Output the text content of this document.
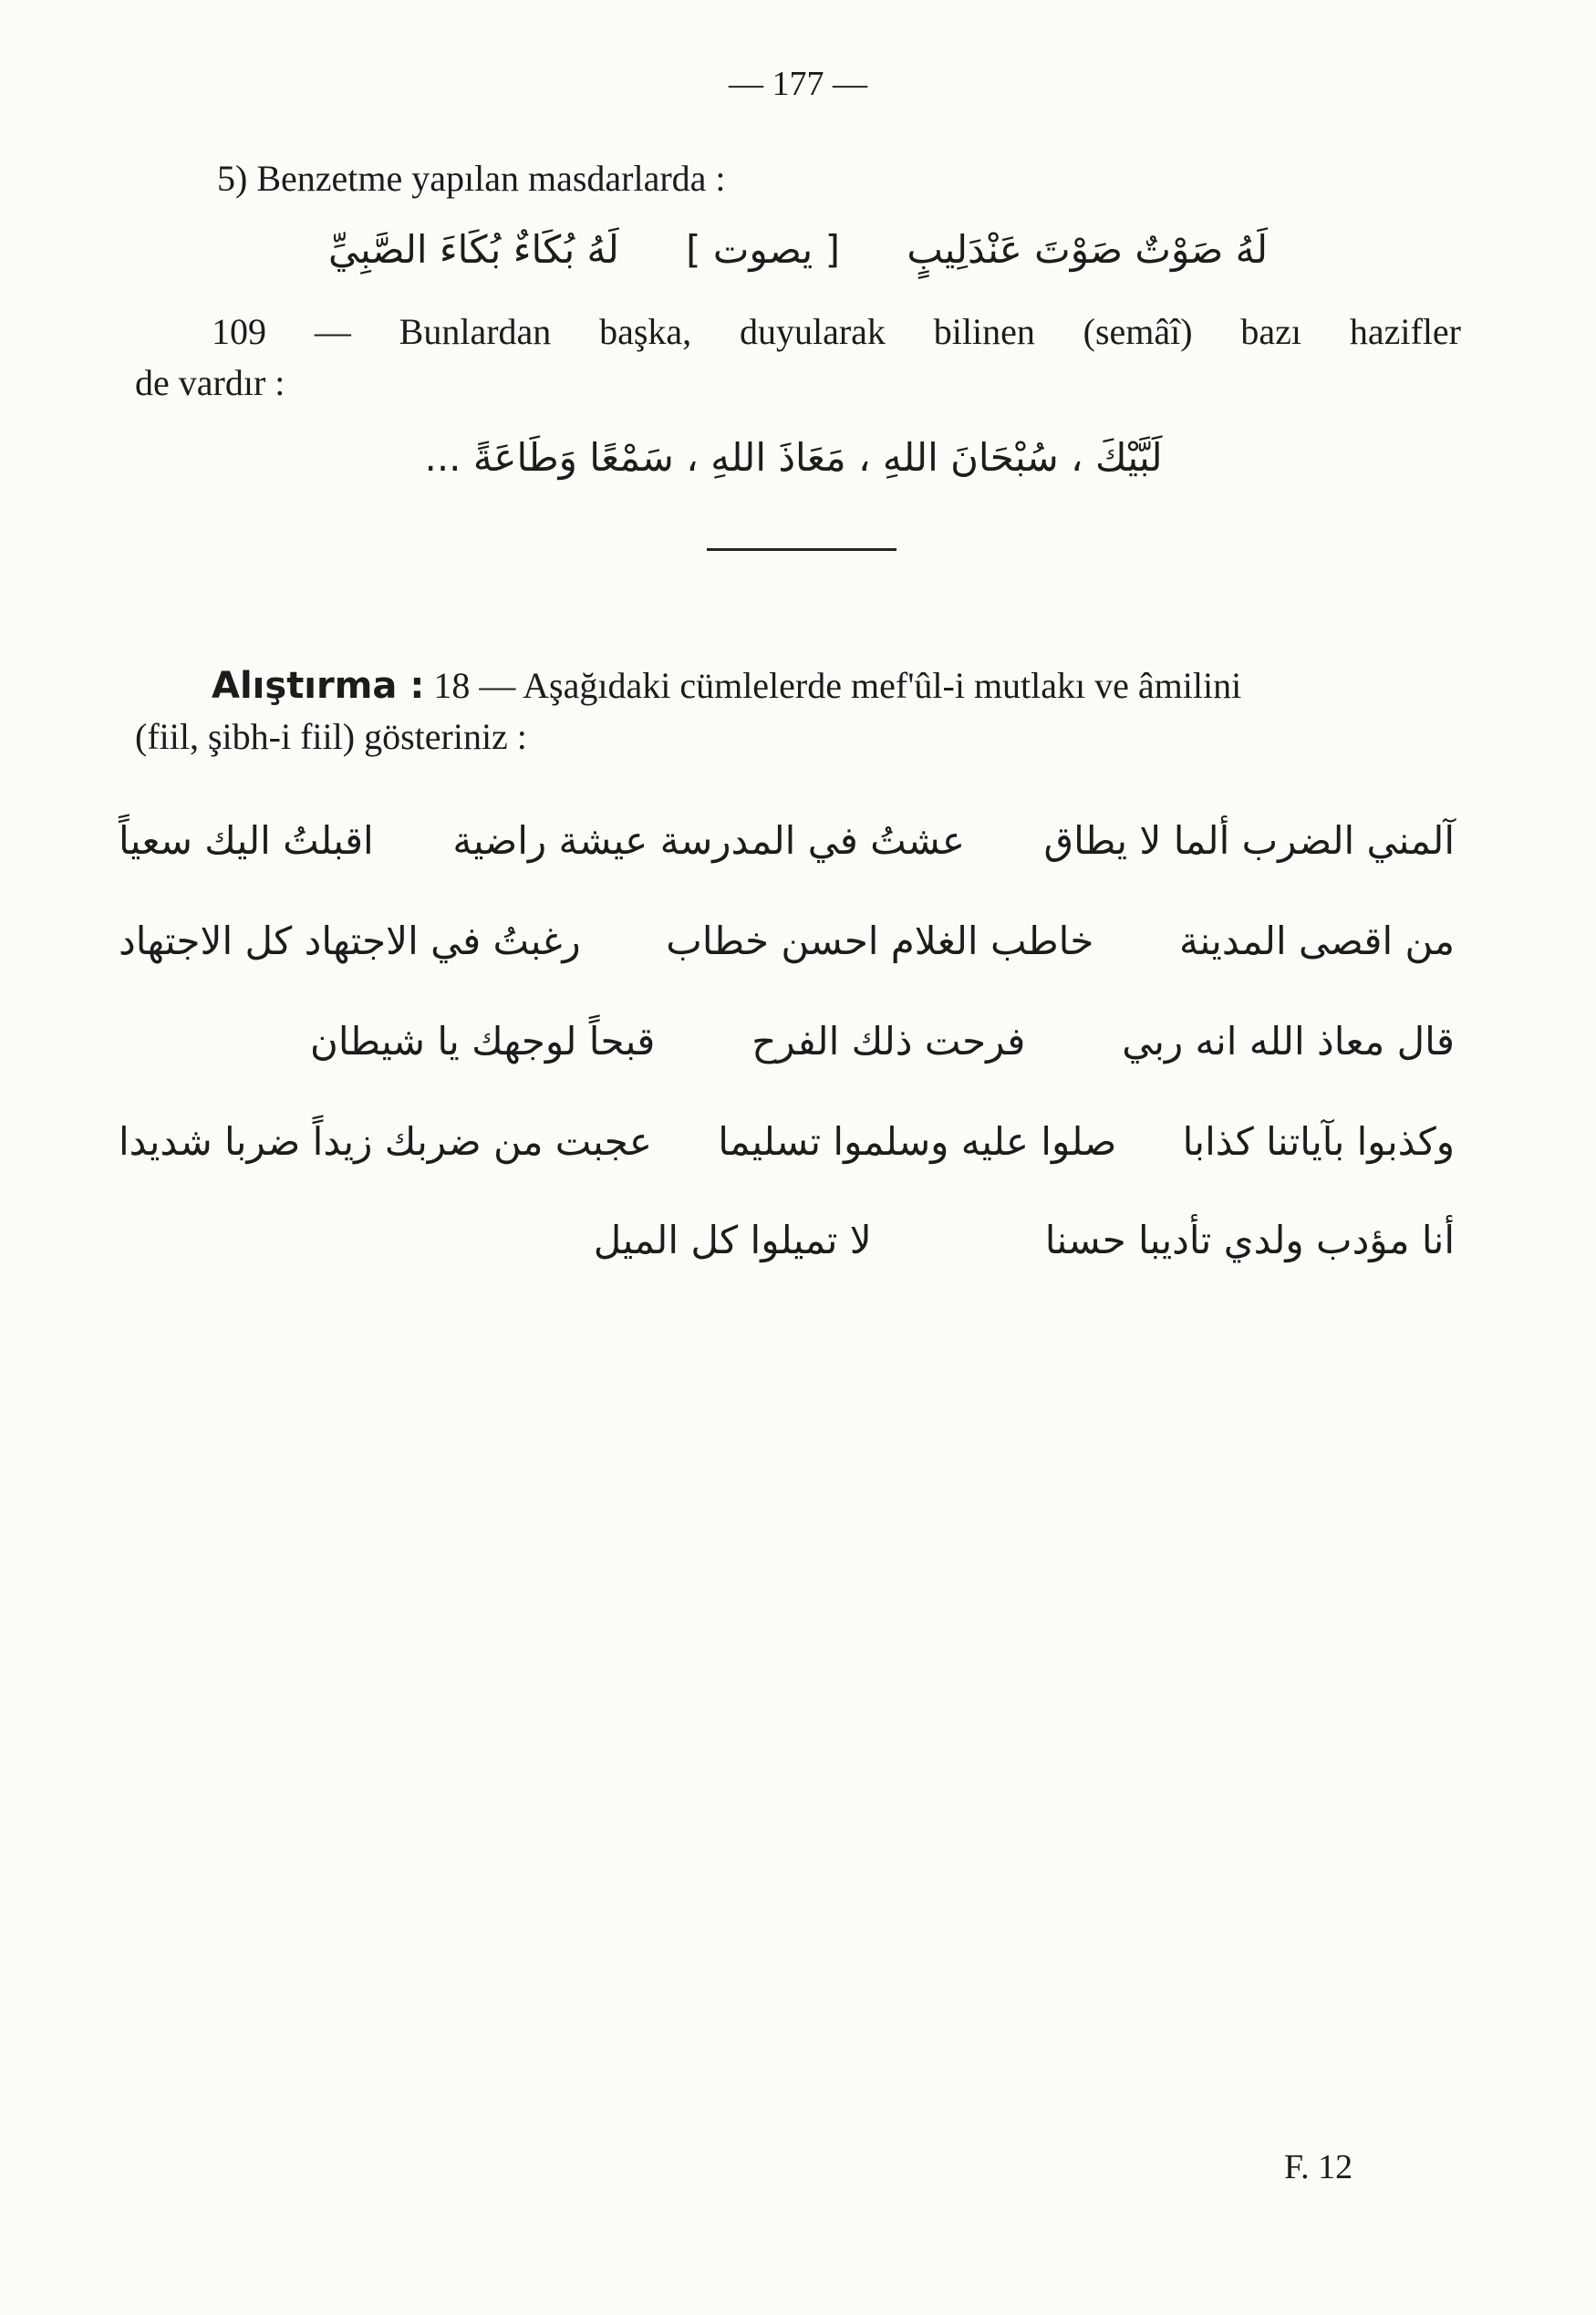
— 177 —
5) Benzetme yapılan masdarlarda :
لَهُ صَوْتٌ صَوْتَ عَنْدَلِيبٍ
[ يصوت ]
لَهُ بُكَاءٌ بُكَاءَ الصَّبِيِّ
109 — Bunlardan başka, duyularak bilinen (semâî) bazı hazifler
de vardır :
لَبَّيْكَ ، سُبْحَانَ اللهِ ، مَعَاذَ اللهِ ، سَمْعًا وَطَاعَةً ...
Alıştırma : 18 — Aşağıdaki cümlelerde mef'ûl-i mutlakı ve âmilini
(fiil, şibh-i fiil) gösteriniz :
آلمني الضرب ألما لا يطاق
عشتُ في المدرسة عيشة راضية
اقبلتُ اليك سعياً
من اقصى المدينة
خاطب الغلام احسن خطاب
رغبتُ في الاجتهاد كل الاجتهاد
قال معاذ الله انه ربي
فرحت ذلك الفرح
قبحاً لوجهك يا شيطان
وكذبوا بآياتنا كذابا
صلوا عليه وسلموا تسليما
عجبت من ضربك زيداً ضربا شديدا
أنا مؤدب ولدي تأديبا حسنا
لا تميلوا كل الميل
F. 12
